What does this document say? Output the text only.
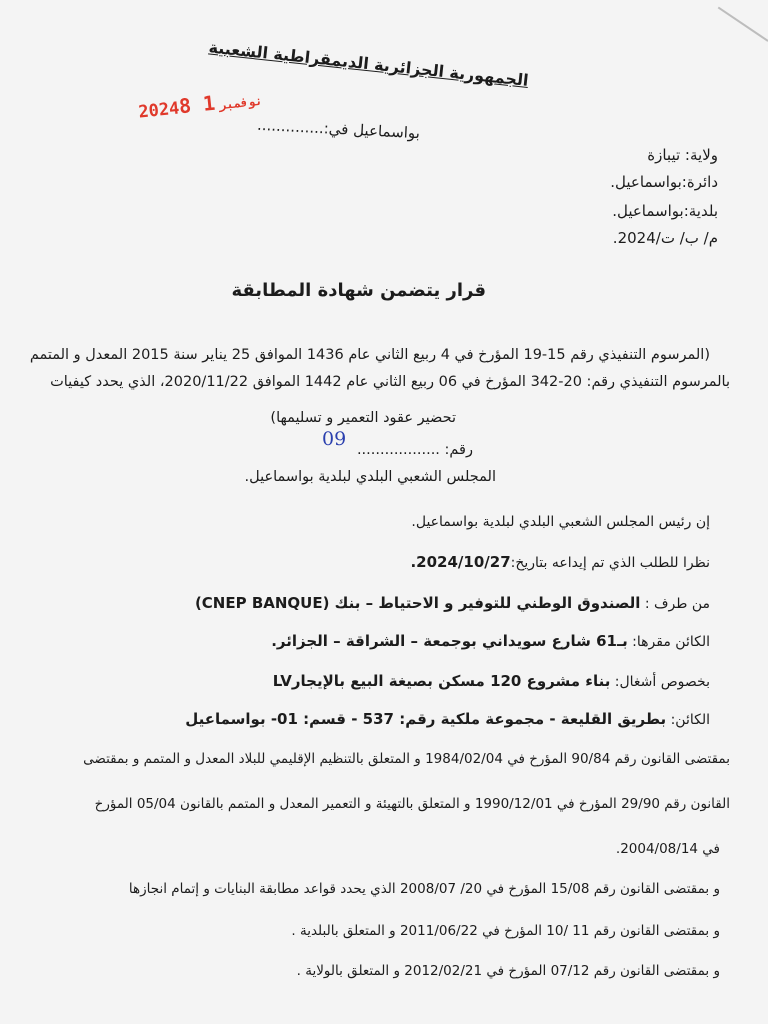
الجمهورية الجزائرية الديمقراطية الشعبية
بواسماعيل في:..............
2024	نوفمبر1 8
ولاية: تيبازة
دائرة:بواسماعيل.
بلدية:بواسماعيل.
م/ ب/ ت/2024.
قرار يتضمن شهادة المطابقة
(المرسوم التنفيذي رقم 15-19 المؤرخ في 4 ربيع الثاني عام 1436 الموافق 25 يناير سنة 2015 المعدل و المتمم
بالمرسوم التنفيذي رقم: 20-342 المؤرخ في 06 ربيع الثاني عام 1442 الموافق 2020/11/22، الذي يحدد كيفيات
تحضير عقود التعمير و تسليمها)
رقم: ..................
09
المجلس الشعبي البلدي لبلدية بواسماعيل.
إن رئيس المجلس الشعبي البلدي لبلدية بواسماعيل.
نظرا للطلب الذي تم إيداعه بتاريخ:2024/10/27.
من طرف : الصندوق الوطني للتوفير و الاحتياط – بنك (CNEP BANQUE)
الكائن مقرها: بـ61 شارع سويداني بوجمعة – الشراقة – الجزائر.
بخصوص أشغال: بناء مشروع 120 مسكن بصيغة البيع بالإيجارLV
الكائن: بطريق القليعة - مجموعة ملكية رقم: 537 - قسم: 01- بواسماعيل
بمقتضى القانون رقم 90/84 المؤرخ في 1984/02/04 و المتعلق بالتنظيم الإقليمي للبلاد المعدل و المتمم و بمقتضى
القانون رقم 29/90 المؤرخ في 1990/12/01 و المتعلق بالتهيئة و التعمير المعدل و المتمم بالقانون 05/04 المؤرخ
في 2004/08/14.
و بمقتضى القانون رقم 15/08 المؤرخ في 20/ 2008/07 الذي يحدد قواعد مطابقة البنايات و إتمام انجازها
و بمقتضى القانون رقم 11 /10 المؤرخ في 2011/06/22 و المتعلق بالبلدية .
و بمقتضى القانون رقم 07/12 المؤرخ في 2012/02/21 و المتعلق بالولاية .
